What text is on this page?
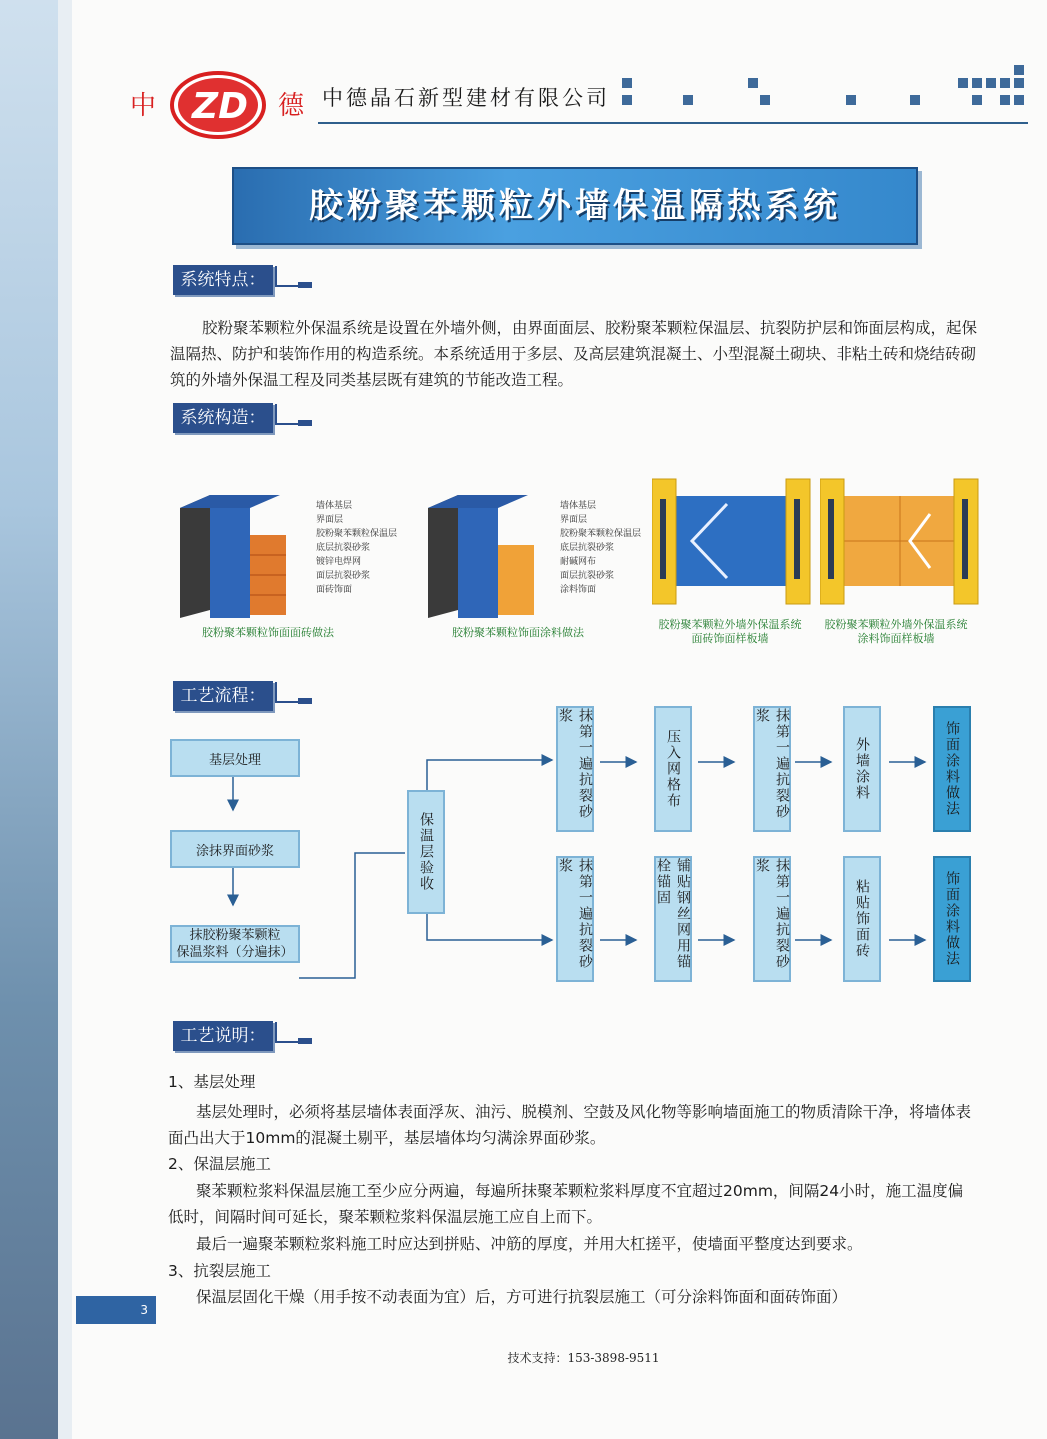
中 ZD 德 中德晶石新型建材有限公司
胶粉聚苯颗粒外墙保温隔热系统
系统特点：
胶粉聚苯颗粒外保温系统是设置在外墙外侧，由界面面层、胶粉聚苯颗粒保温层、抗裂防护层和饰面层构成，起保温隔热、防护和装饰作用的构造系统。本系统适用于多层、及高层建筑混凝土、小型混凝土砌块、非粘土砖和烧结砖砌筑的外墙外保温工程及同类基层既有建筑的节能改造工程。
系统构造：
墙体基层
界面层
胶粉聚苯颗粒保温层
底层抗裂砂浆
镀锌电焊网
面层抗裂砂浆
面砖饰面
胶粉聚苯颗粒饰面面砖做法
墙体基层
界面层
胶粉聚苯颗粒保温层
底层抗裂砂浆
耐碱网布
面层抗裂砂浆
涂料饰面
胶粉聚苯颗粒饰面涂料做法
胶粉聚苯颗粒外墙外保温系统
面砖饰面样板墙
胶粉聚苯颗粒外墙外保温系统
涂料饰面样板墙
工艺流程：
基层处理
涂抹界面砂浆
抹胶粉聚苯颗粒
保温浆料（分遍抹）
保温层验收
抹第一遍抗裂砂浆
压入网格布	抹第一遍抗裂砂浆
外墙涂料	饰面涂料做法
抹第一遍抗裂砂浆	铺贴钢丝网用锚栓锚固	抹第一遍抗裂砂浆
粘贴饰面砖	饰面涂料做法
工艺说明：
1、基层处理
基层处理时，必须将基层墙体表面浮灰、油污、脱模剂、空鼓及风化物等影响墙面施工的物质清除干净，将墙体表面凸出大于10mm的混凝土剔平，基层墙体均匀满涂界面砂浆。
2、保温层施工
聚苯颗粒浆料保温层施工至少应分两遍，每遍所抹聚苯颗粒浆料厚度不宜超过20mm，间隔24小时，施工温度偏低时，间隔时间可延长，聚苯颗粒浆料保温层施工应自上而下。
最后一遍聚苯颗粒浆料施工时应达到拼贴、冲筋的厚度，并用大杠搓平，使墙面平整度达到要求。
3、抗裂层施工
保温层固化干燥（用手按不动表面为宜）后，方可进行抗裂层施工（可分涂料饰面和面砖饰面）
3
技术支持：153-3898-9511
